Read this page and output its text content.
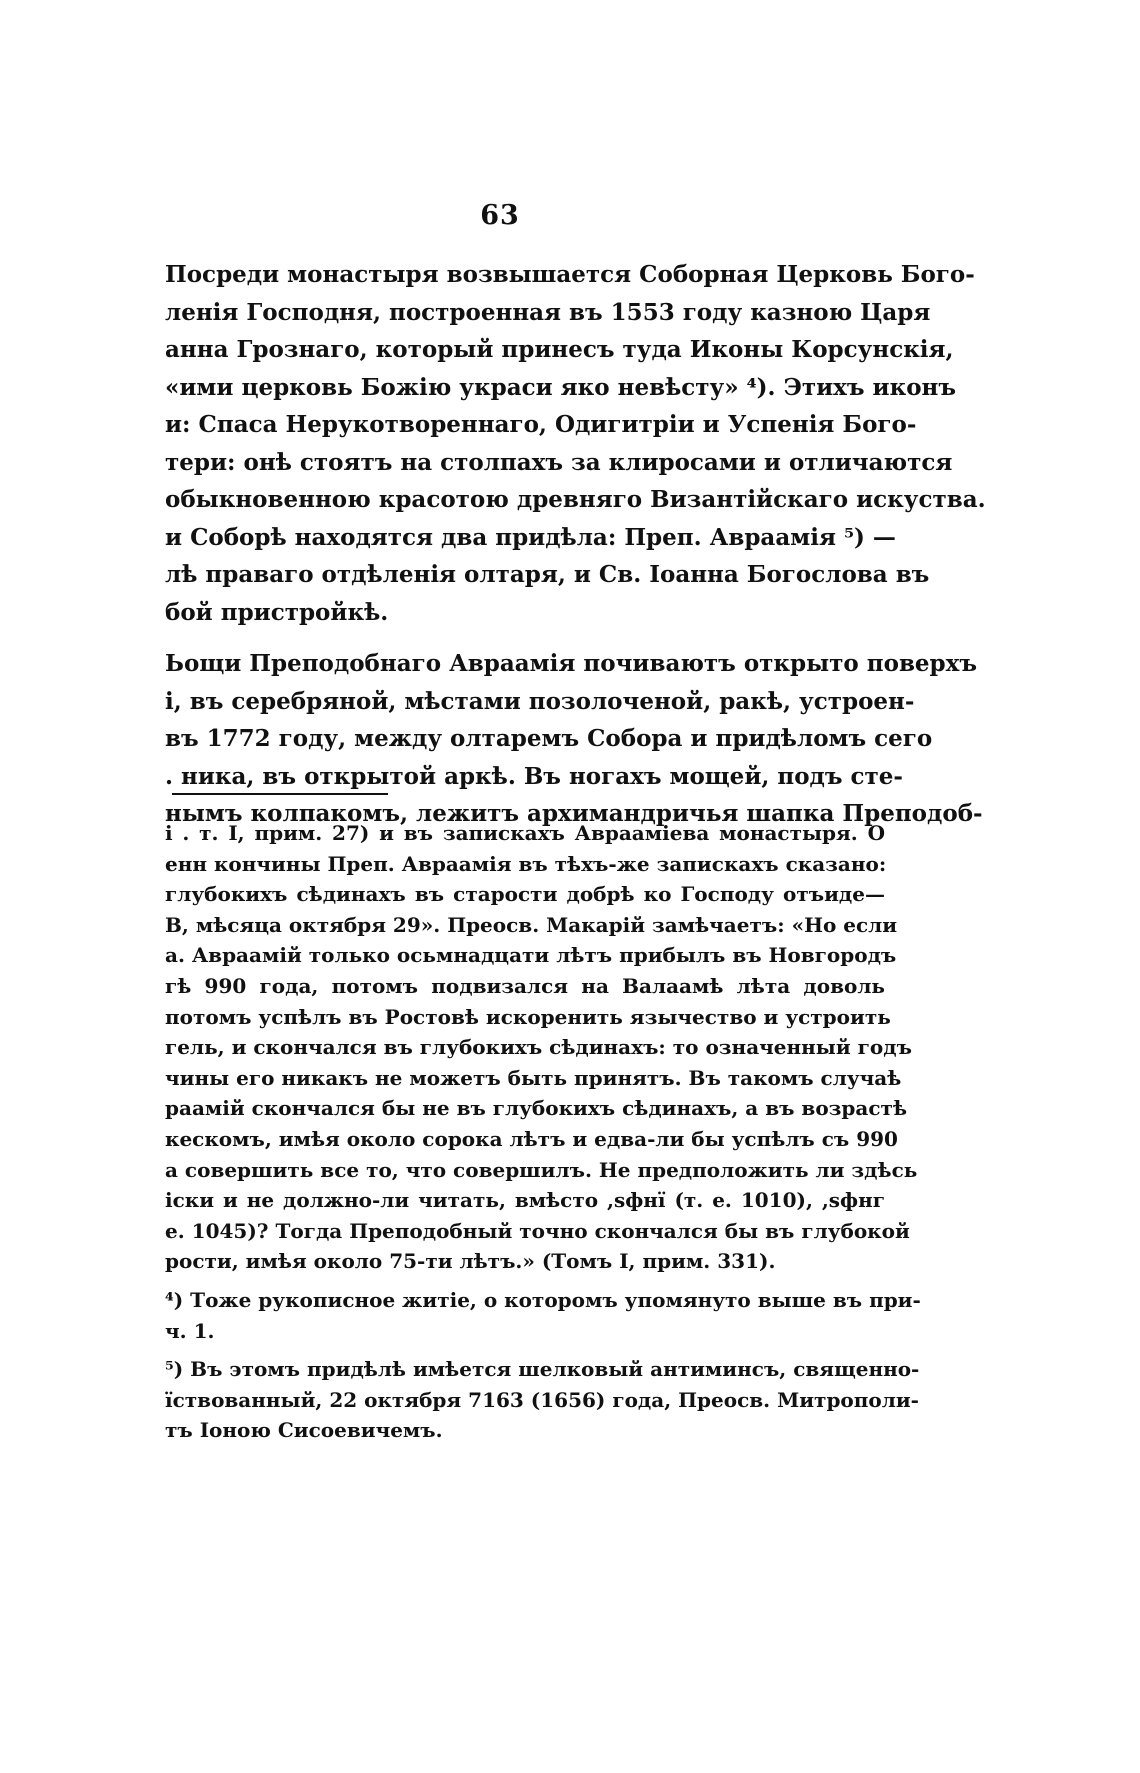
63
Посреди монастыря возвышается Соборная Церковь Бого-
ленія Господня, построенная въ 1553 году казною Царя
анна Грознаго, который принесъ туда Иконы Корсунскія,
«ими церковь Божію украси яко невѣсту» ⁴). Этихъ иконъ
и: Спаса Нерукотвореннаго, Одигитріи и Успенія Бого-
тери: онѣ стоятъ на столпахъ за клиросами и отличаются
обыкновенною красотою древняго Византійскаго искуства.
и Соборѣ находятся два придѣла: Преп. Авраамія ⁵) —
лѣ праваго отдѣленія олтаря, и Св. Іоанна Богослова въ
бой пристройкѣ.
Ьощи Преподобнаго Авраамія почиваютъ открыто поверхъ
і, въ серебряной, мѣстами позолоченой, ракѣ, устроен-
въ 1772 году, между олтаремъ Собора и придѣломъ сего
. ника, въ открытой аркѣ. Въ ногахъ мощей, подъ сте-
нымъ колпакомъ, лежитъ архимандричья шапка Преподоб-
і . т. I, прим. 27) и въ запискахъ Авраамiева монастыря. О
енн кончины Преп. Авраамія въ тѣхъ-же запискахъ сказано:
глубокихъ сѣдинахъ въ старости добрѣ ко Господу отъиде—
В, мѣсяца октября 29». Преосв. Макарій замѣчаетъ: «Но если
а. Авраамій только осьмнадцати лѣтъ прибылъ въ Новгородъ
гѣ 990 года, потомъ подвизался на Валаамѣ лѣта доволь
потомъ успѣлъ въ Ростовѣ искоренить язычество и устроить
гель, и скончался въ глубокихъ сѣдинахъ: то означенный годъ
чины его никакъ не можетъ быть принятъ. Въ такомъ случаѣ
раамій скончался бы не въ глубокихъ сѣдинахъ, а въ возрастѣ
кескомъ, имѣя около сорока лѣтъ и едва-ли бы успѣлъ съ 990
а совершить все то, что совершилъ. Не предположить ли здѣсь
іски и не должно-ли читать, вмѣсто ,sфнї (т. е. 1010), ,sфнг
е. 1045)? Тогда Преподобный точно скончался бы въ глубокой
рости, имѣя около 75-ти лѣтъ.» (Томъ I, прим. 331).
⁴) Тоже рукописное житіе, о которомъ упомянуто выше въ при-
ч. 1.
⁵) Въ этомъ придѣлѣ имѣется шелковый антиминсъ, священно-
їствованный, 22 октября 7163 (1656) года, Преосв. Митрополи-
тъ Іоною Сисоевичемъ.
